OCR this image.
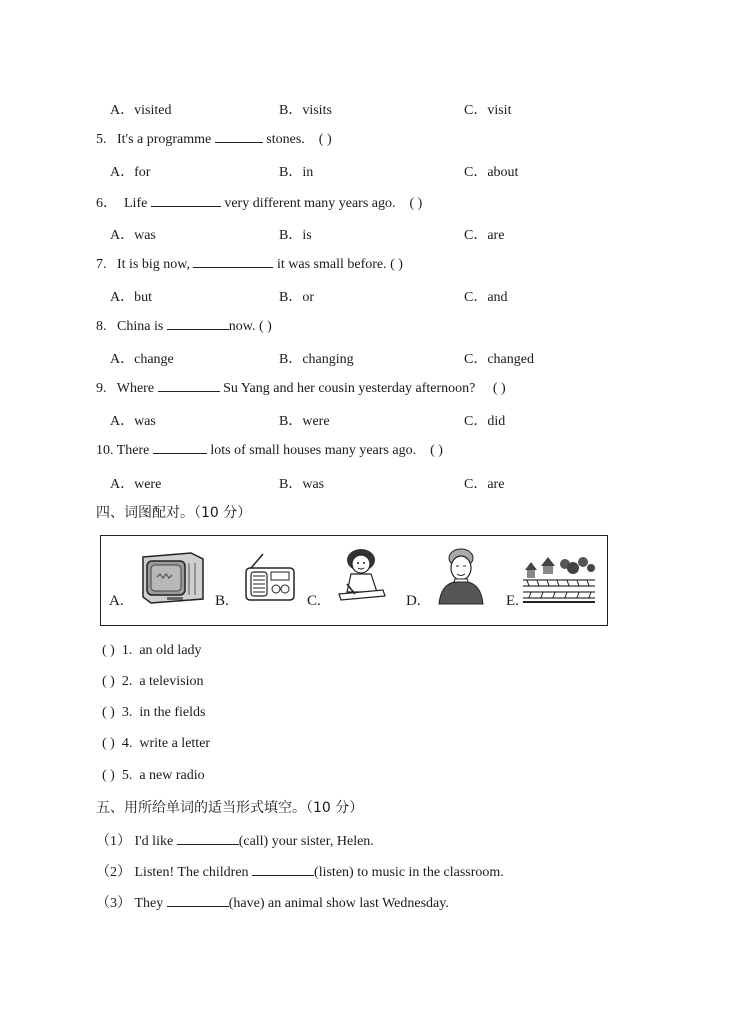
A．visited	B．visits	C．visit
5. It's a programme	stones. ( )
A．for	B．in	C．about
6． Life	very different many years ago. ( )
A．was	B．is	C．are
7. It is big now,	it was small before. ( )
A．but	B．or	C．and
8. China is	now. ( )
A．change	B．changing	C．changed
9. Where	Su Yang and her cousin yesterday afternoon? ( )
A．was	B．were	C．did
10. There	lots of small houses many years ago. ( )
A．were	B．was	C．are
四、词图配对。（10 分）
A.	B.	C.	D.	E.
( ) 1. an old lady
( ) 2. a television
( ) 3. in the fields
( ) 4. write a letter
( ) 5. a new radio
五、用所给单词的适当形式填空。（10 分）
（1） I'd like	(call) your sister, Helen.
（2） Listen! The children	(listen) to music in the classroom.
（3） They	(have) an animal show last Wednesday.
